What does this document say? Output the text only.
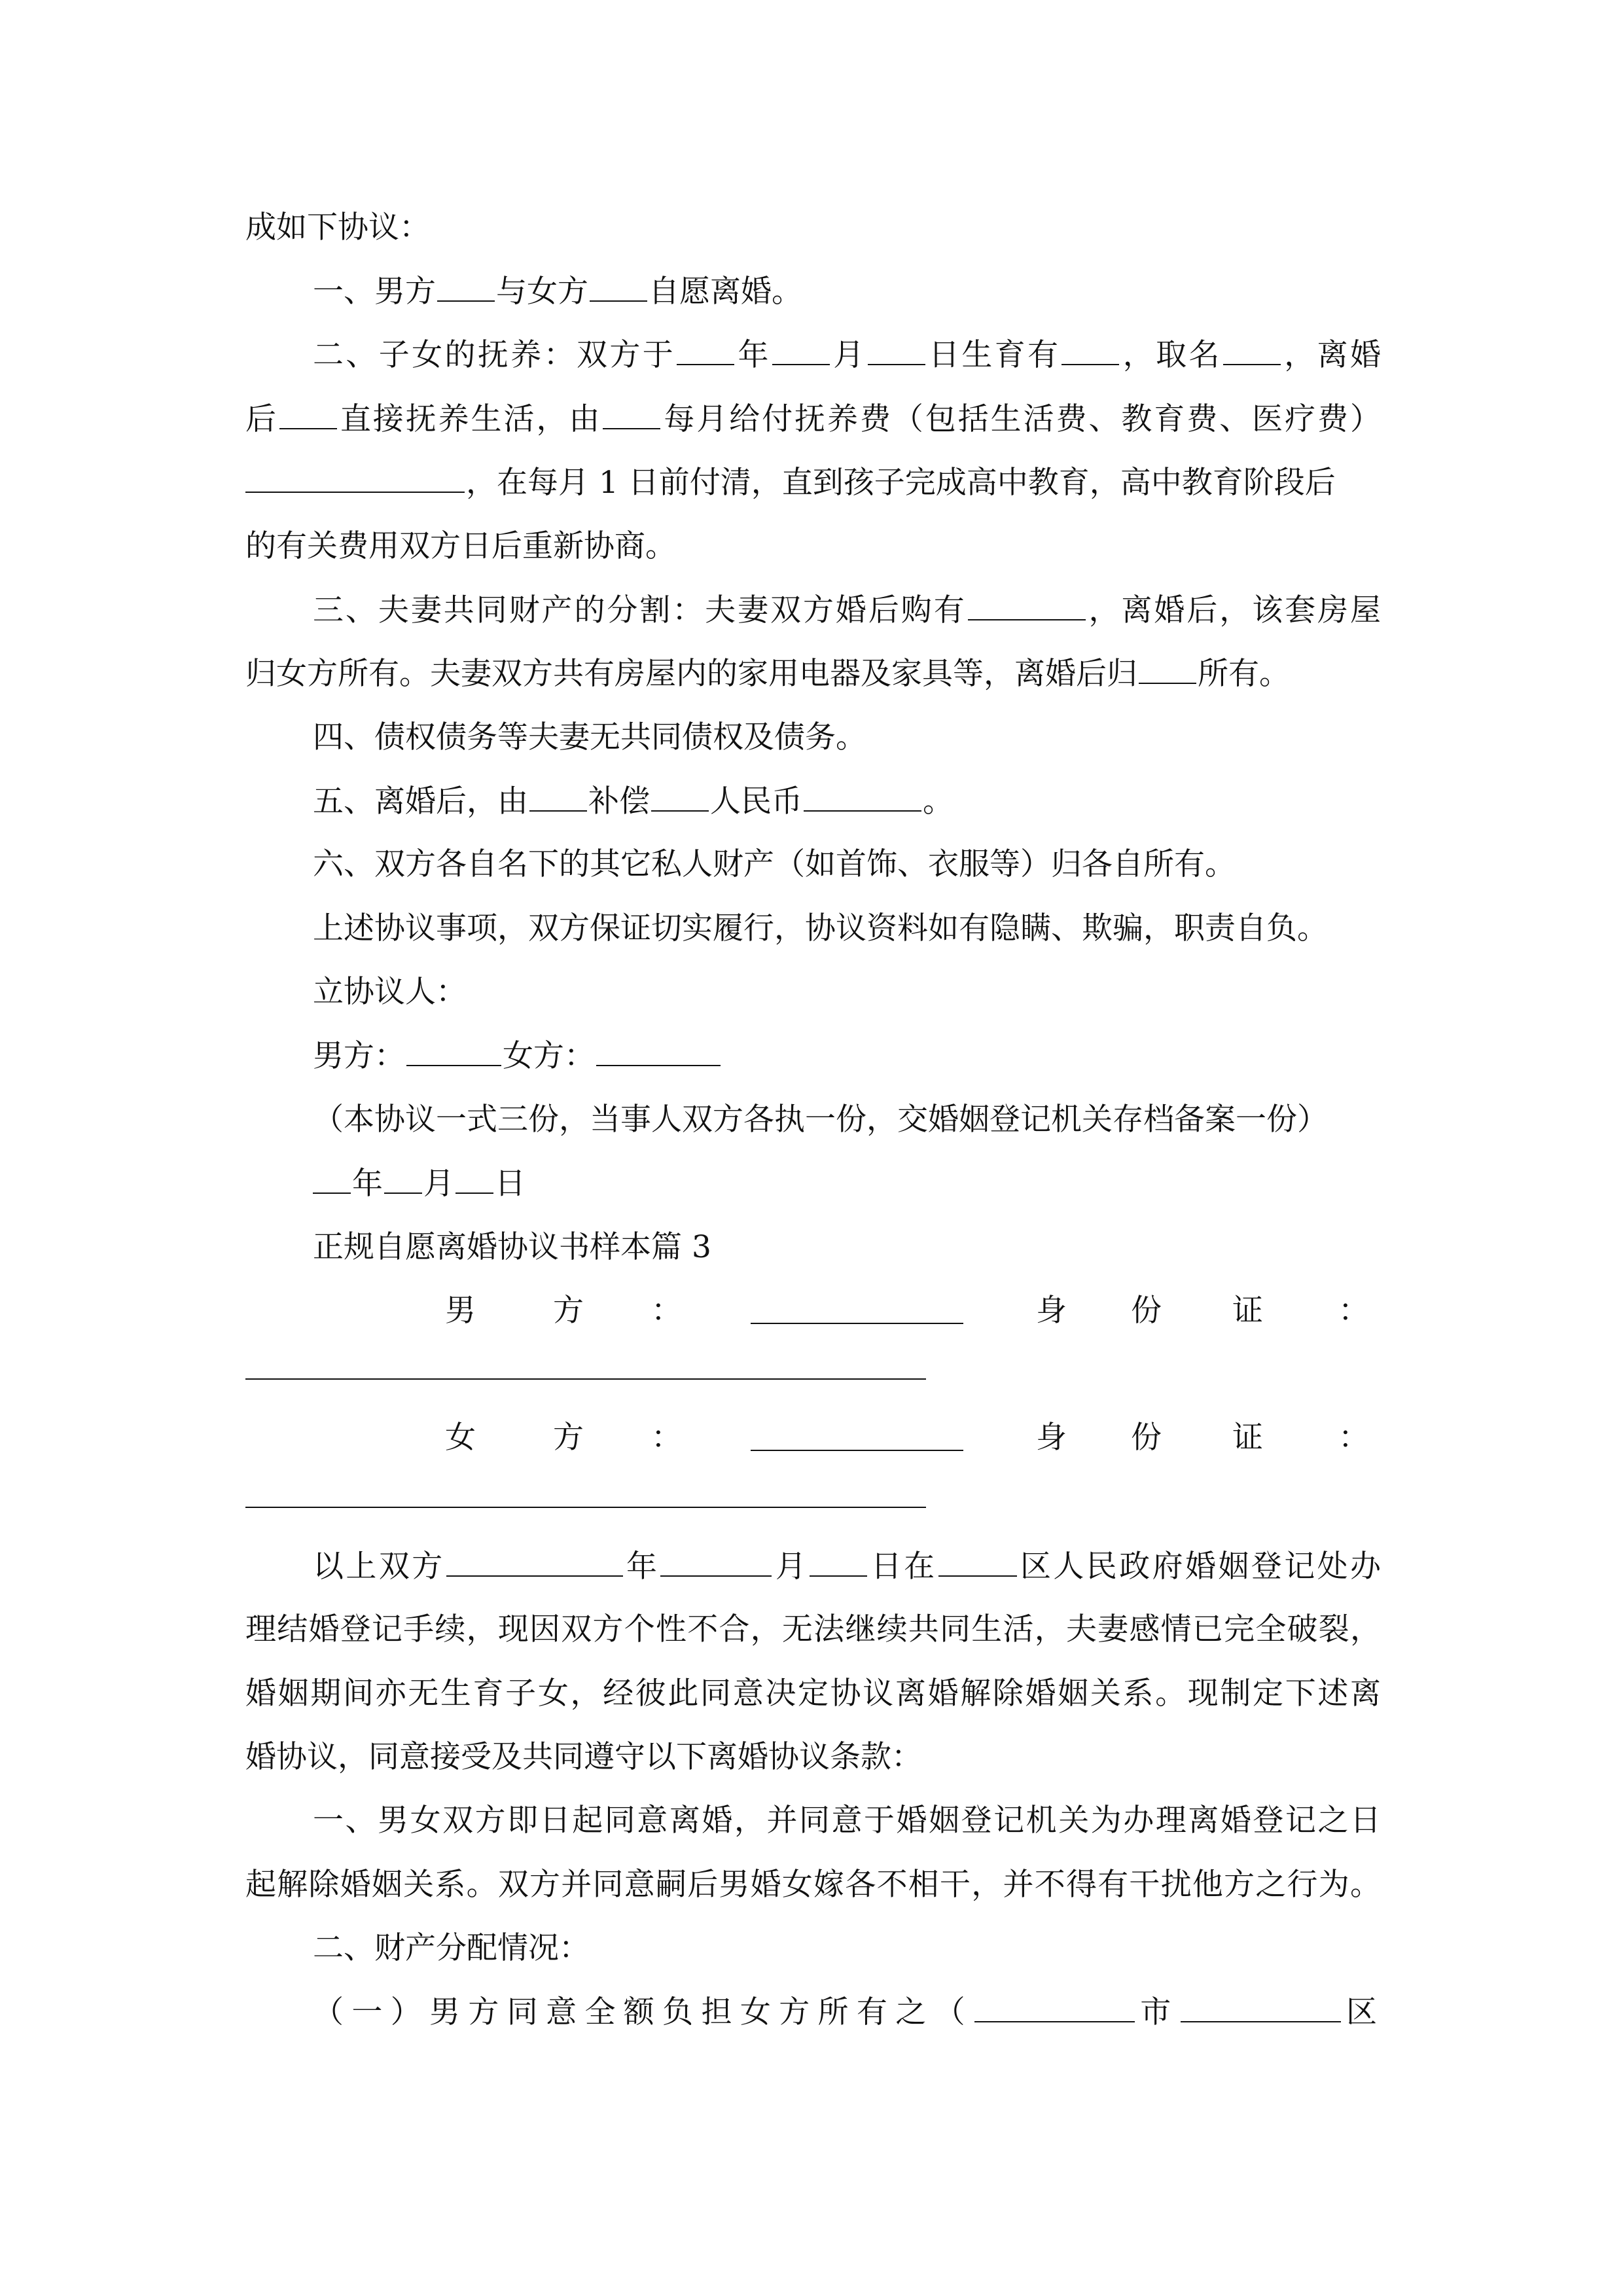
成如下协议：
一、男方 与女方 自愿离婚。
二、子女的抚养：双方于 年 月 日生育有 ，取名 ，离婚
后 直接抚养生活，由 每月给付抚养费（包括生活费、教育费、医疗费）
，在每月 1 日前付清，直到孩子完成高中教育，高中教育阶段后
的有关费用双方日后重新协商。
三、夫妻共同财产的分割：夫妻双方婚后购有	，离婚后，该套房屋
归女方所有。夫妻双方共有房屋内的家用电器及家具等，离婚后归 所有。
四、债权债务等夫妻无共同债权及债务。
五、离婚后，由 补偿 人民币	。
六、双方各自名下的其它私人财产（如首饰、衣服等）归各自所有。
上述协议事项，双方保证切实履行，协议资料如有隐瞒、欺骗，职责自负。
立协议人：
男方：	女方：
（本协议一式三份，当事人双方各执一份，交婚姻登记机关存档备案一份）
年 月 日
正规自愿离婚协议书样本篇 3
男	方 ：	身 份 证 ：
女	方 ：	身 份 证 ：
以上双方	年	月 日在	区人民政府婚姻登记处办
理结婚登记手续，现因双方个性不合，无法继续共同生活，夫妻感情已完全破裂，
婚姻期间亦无生育子女，经彼此同意决定协议离婚解除婚姻关系。现制定下述离
婚协议，同意接受及共同遵守以下离婚协议条款：
一、男女双方即日起同意离婚，并同意于婚姻登记机关为办理离婚登记之日
起解除婚姻关系。双方并同意嗣后男婚女嫁各不相干，并不得有干扰他方之行为。
二、财产分配情况：
（一）男方同意全额负担女方所有之（	市	区
